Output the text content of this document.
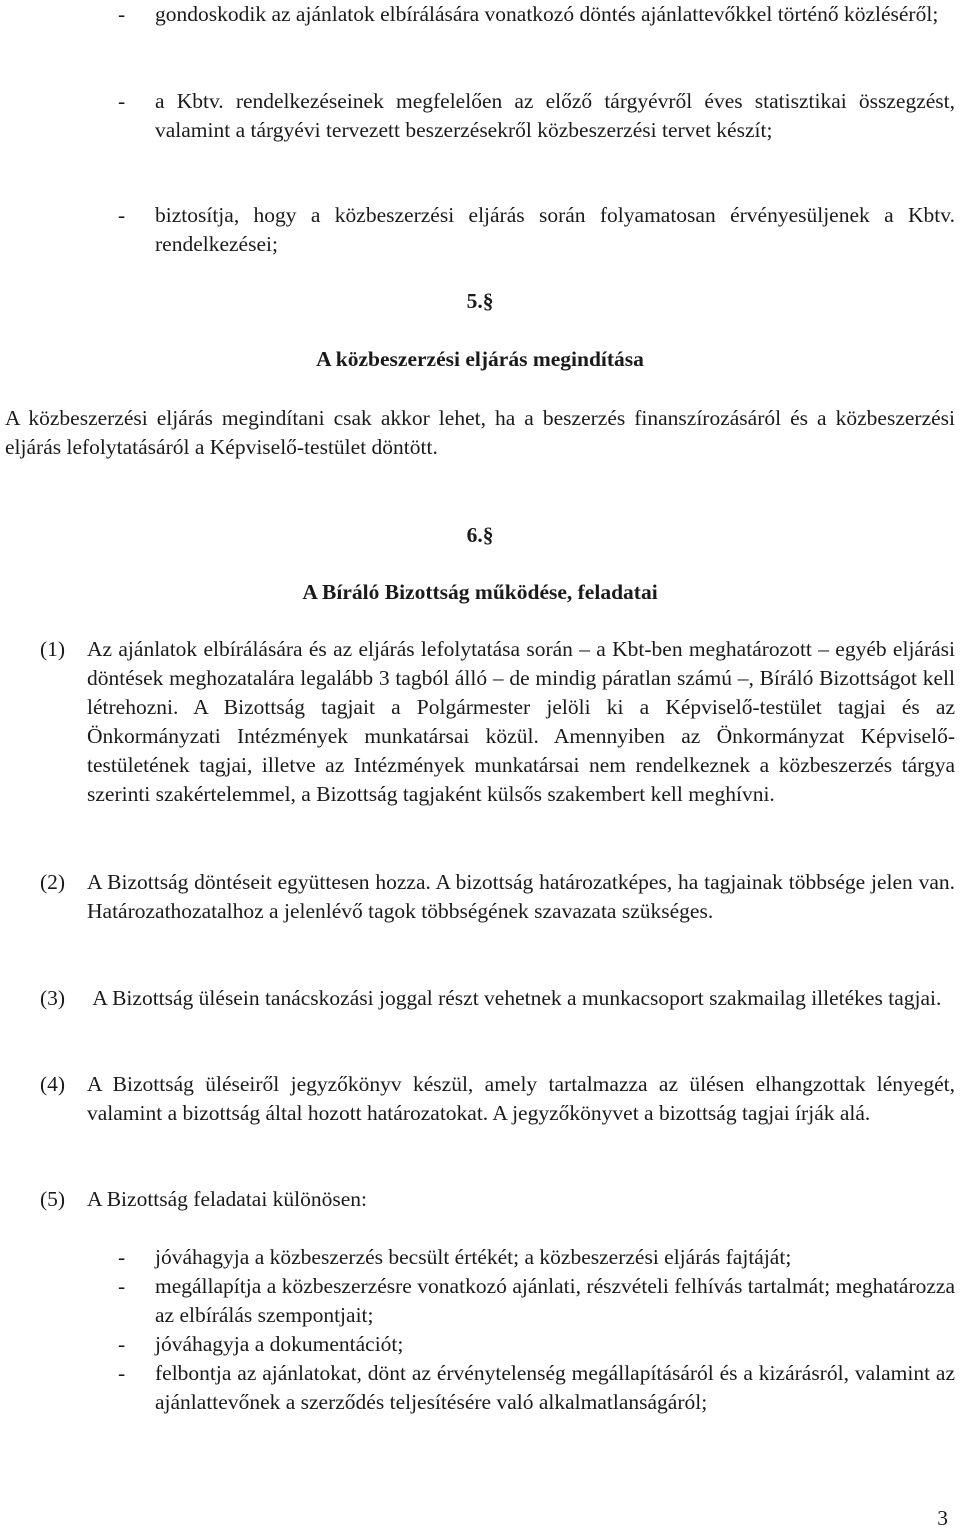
- gondoskodik az ajánlatok elbírálására vonatkozó döntés ajánlattevőkkel történő közléséről;
- a Kbtv. rendelkezéseinek megfelelően az előző tárgyévről éves statisztikai összegzést, valamint a tárgyévi tervezett beszerzésekről közbeszerzési tervet készít;
- biztosítja, hogy a közbeszerzési eljárás során folyamatosan érvényesüljenek a Kbtv. rendelkezései;
5.§
A közbeszerzési eljárás megindítása
A közbeszerzési eljárás megindítani csak akkor lehet, ha a beszerzés finanszírozásáról és a közbeszerzési eljárás lefolytatásáról a Képviselő-testület döntött.
6.§
A Bíráló Bizottság működése, feladatai
(1) Az ajánlatok elbírálására és az eljárás lefolytatása során – a Kbt-ben meghatározott – egyéb eljárási döntések meghozatalára legalább 3 tagból álló – de mindig páratlan számú –, Bíráló Bizottságot kell létrehozni. A Bizottság tagjait a Polgármester jelöli ki a Képviselő-testület tagjai és az Önkormányzati Intézmények munkatársai közül. Amennyiben az Önkormányzat Képviselő-testületének tagjai, illetve az Intézmények munkatársai nem rendelkeznek a közbeszerzés tárgya szerinti szakértelemmel, a Bizottság tagjaként külsős szakembert kell meghívni.
(2) A Bizottság döntéseit együttesen hozza. A bizottság határozatképes, ha tagjainak többsége jelen van. Határozathozatalhoz a jelenlévő tagok többségének szavazata szükséges.
(3) A Bizottság ülésein tanácskozási joggal részt vehetnek a munkacsoport szakmailag illetékes tagjai.
(4) A Bizottság üléseiről jegyzőkönyv készül, amely tartalmazza az ülésen elhangzottak lényegét, valamint a bizottság által hozott határozatokat. A jegyzőkönyvet a bizottság tagjai írják alá.
(5) A Bizottság feladatai különösen:
- jóváhagyja a közbeszerzés becsült értékét; a közbeszerzési eljárás fajtáját;
- megállapítja a közbeszerzésre vonatkozó ajánlati, részvételi felhívás tartalmát; meghatározza az elbírálás szempontjait;
- jóváhagyja a dokumentációt;
- felbontja az ajánlatokat, dönt az érvénytelenség megállapításáról és a kizárásról, valamint az ajánlattevőnek a szerződés teljesítésére való alkalmatlanságáról;
3
